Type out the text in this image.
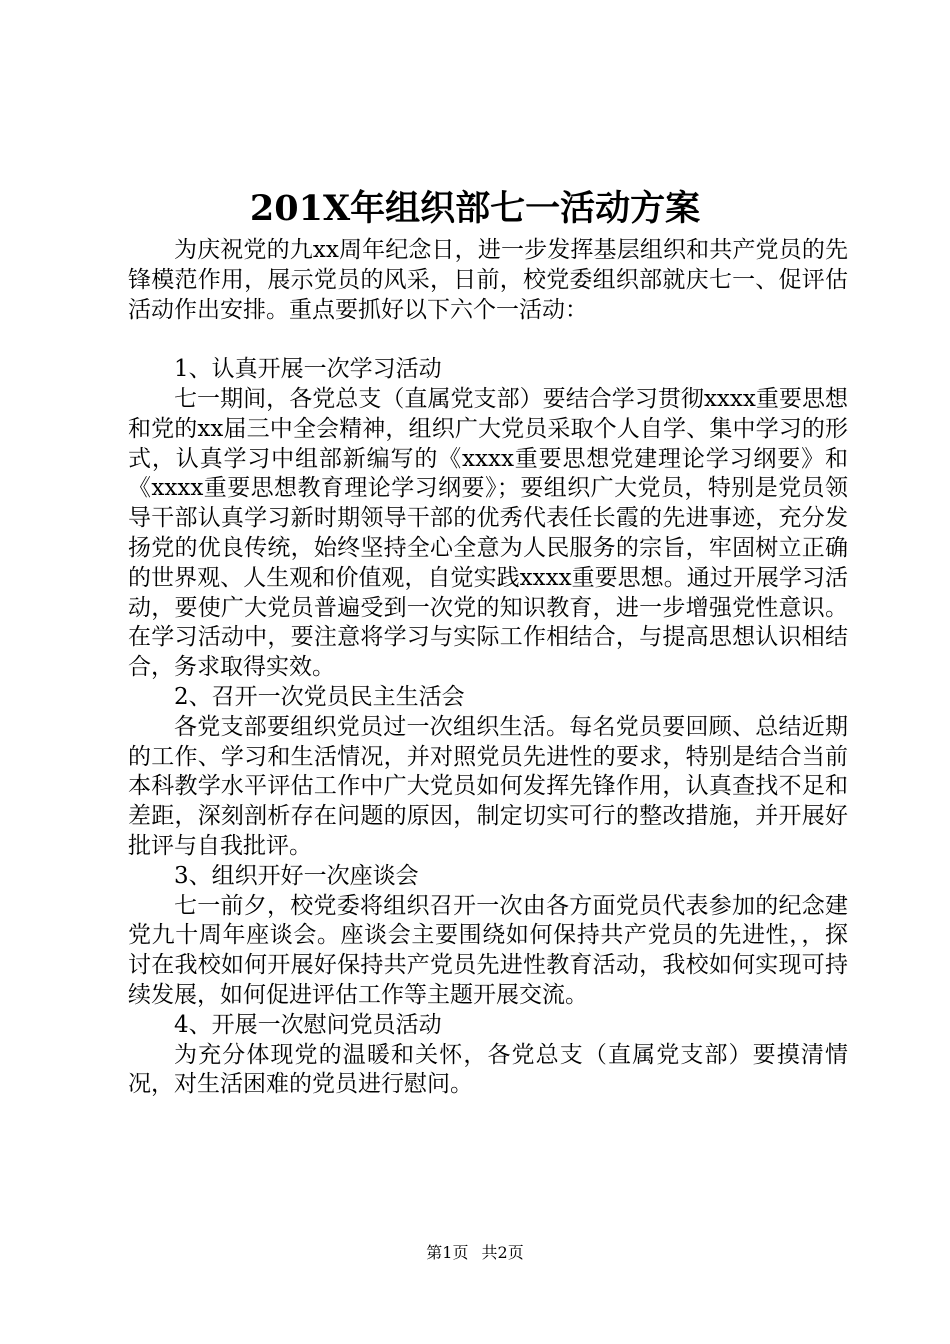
201X年组织部七一活动方案

为庆祝党的九xx周年纪念日，进一步发挥基层组织和共产党员的先锋模范作用，展示党员的风采，日前，校党委组织部就庆七一、促评估活动作出安排。重点要抓好以下六个一活动：

1、认真开展一次学习活动

七一期间，各党总支（直属党支部）要结合学习贯彻xxxx重要思想和党的xx届三中全会精神，组织广大党员采取个人自学、集中学习的形式，认真学习中组部新编写的《xxxx重要思想党建理论学习纲要》和《xxxx重要思想教育理论学习纲要》；要组织广大党员，特别是党员领导干部认真学习新时期领导干部的优秀代表任长霞的先进事迹，充分发扬党的优良传统，始终坚持全心全意为人民服务的宗旨，牢固树立正确的世界观、人生观和价值观，自觉实践xxxx重要思想。通过开展学习活动，要使广大党员普遍受到一次党的知识教育，进一步增强党性意识。在学习活动中，要注意将学习与实际工作相结合，与提高思想认识相结合，务求取得实效。

2、召开一次党员民主生活会

各党支部要组织党员过一次组织生活。每名党员要回顾、总结近期的工作、学习和生活情况，并对照党员先进性的要求，特别是结合当前本科教学水平评估工作中广大党员如何发挥先锋作用，认真查找不足和差距，深刻剖析存在问题的原因，制定切实可行的整改措施，并开展好批评与自我批评。

3、组织开好一次座谈会

七一前夕，校党委将组织召开一次由各方面党员代表参加的纪念建党九十周年座谈会。座谈会主要围绕如何保持共产党员的先进性，，探讨在我校如何开展好保持共产党员先进性教育活动，我校如何实现可持续发展，如何促进评估工作等主题开展交流。

4、开展一次慰问党员活动

为充分体现党的温暖和关怀，各党总支（直属党支部）要摸清情况，对生活困难的党员进行慰问。

第1页 共2页
